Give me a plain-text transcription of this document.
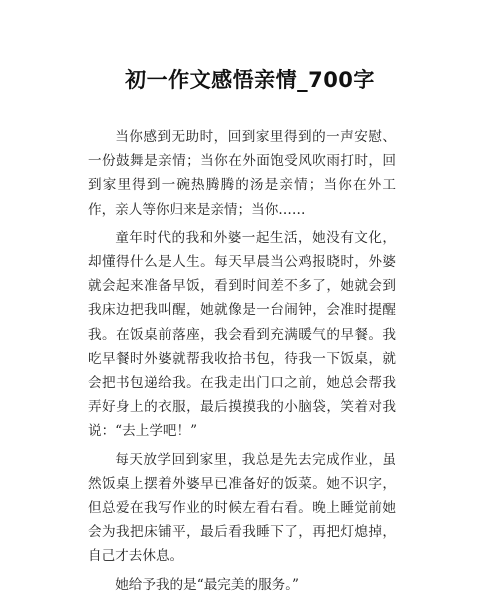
初一作文感悟亲情_700字

当你感到无助时，回到家里得到的一声安慰、一份鼓舞是亲情；当你在外面饱受风吹雨打时，回到家里得到一碗热腾腾的汤是亲情；当你在外工作，亲人等你归来是亲情；当你……

童年时代的我和外婆一起生活，她没有文化，却懂得什么是人生。每天早晨当公鸡报晓时，外婆就会起来准备早饭，看到时间差不多了，她就会到我床边把我叫醒，她就像是一台闹钟，会准时提醒我。在饭桌前落座，我会看到充满暖气的早餐。我吃早餐时外婆就帮我收拾书包，待我一下饭桌，就会把书包递给我。在我走出门口之前，她总会帮我弄好身上的衣服，最后摸摸我的小脑袋，笑着对我说：“去上学吧！”

每天放学回到家里，我总是先去完成作业，虽然饭桌上摆着外婆早已准备好的饭菜。她不识字，但总爱在我写作业的时候左看右看。晚上睡觉前她会为我把床铺平，最后看我睡下了，再把灯熄掉，自己才去休息。

她给予我的是“最完美的服务。”
